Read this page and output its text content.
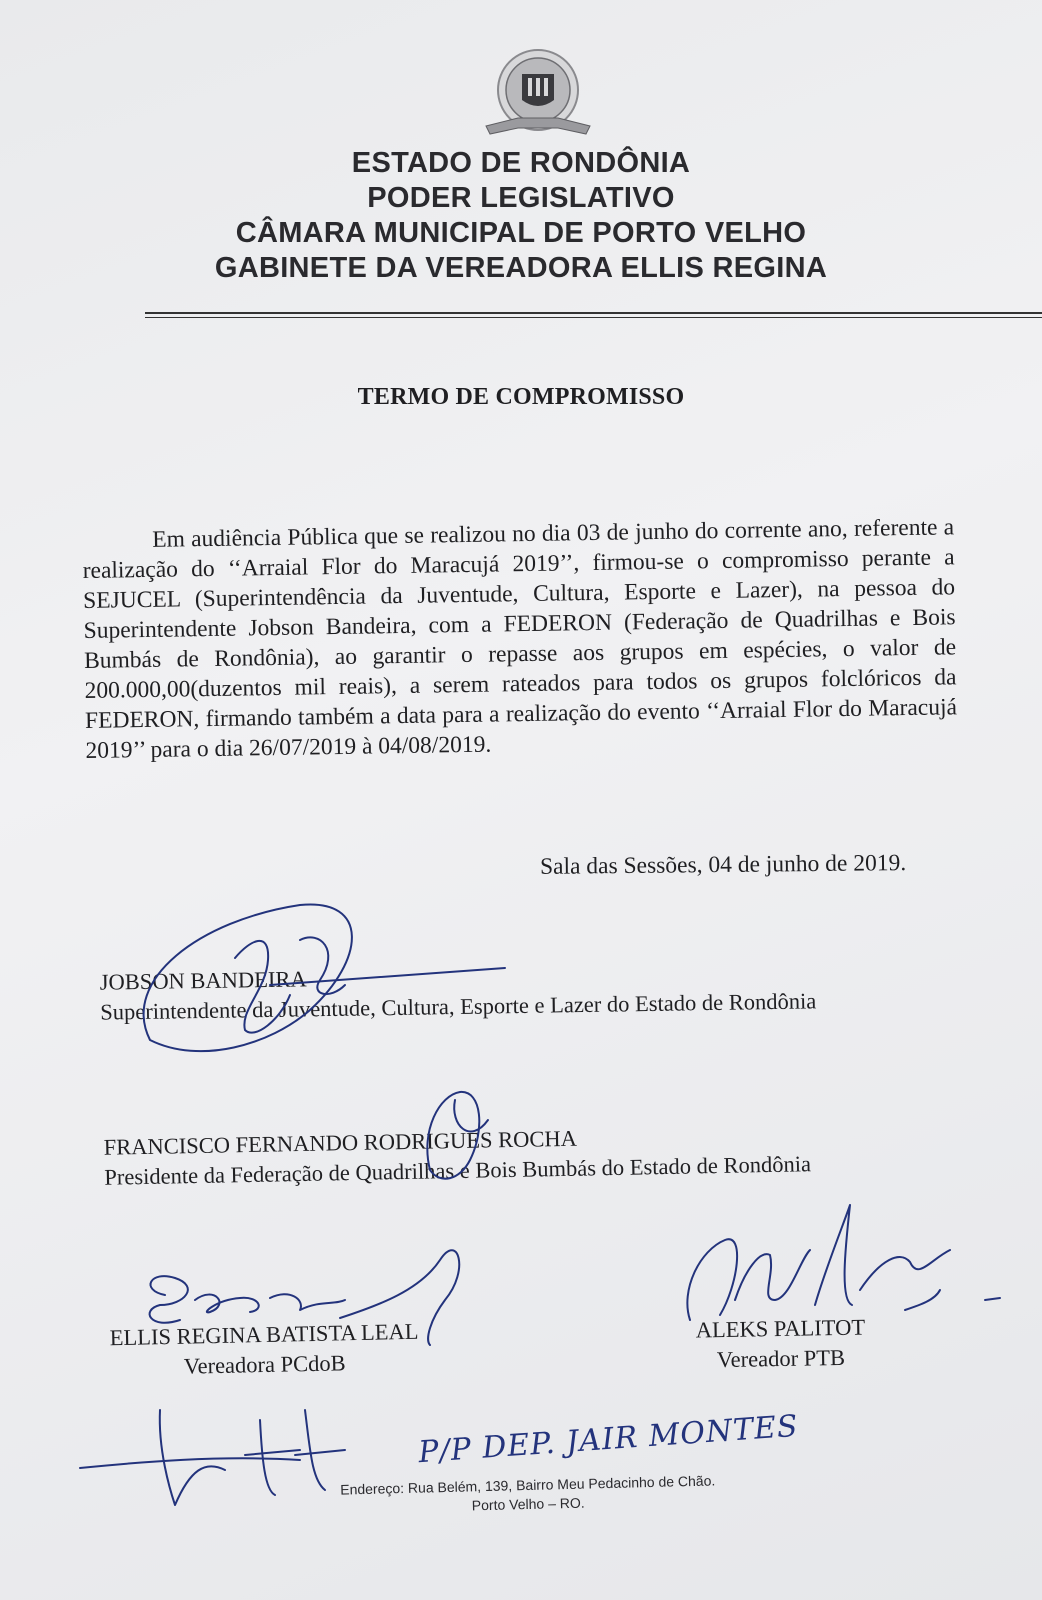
ESTADO DE RONDÔNIA
PODER LEGISLATIVO
CÂMARA MUNICIPAL DE PORTO VELHO
GABINETE DA VEREADORA ELLIS REGINA
TERMO DE COMPROMISSO

Em audiência Pública que se realizou no dia 03 de junho do corrente ano, referente a realização do ‘‘Arraial Flor do Maracujá 2019’’, firmou-se o compromisso perante a SEJUCEL (Superintendência da Juventude, Cultura, Esporte e Lazer), na pessoa do Superintendente Jobson Bandeira, com a FEDERON (Federação de Quadrilhas e Bois Bumbás de Rondônia), ao garantir o repasse aos grupos em espécies, o valor de 200.000,00(duzentos mil reais), a serem rateados para todos os grupos folclóricos da FEDERON, firmando também a data para a realização do evento ‘‘Arraial Flor do Maracujá 2019’’ para o dia 26/07/2019 à 04/08/2019.

Sala das Sessões, 04 de junho de 2019.
JOBSON BANDEIRA
Superintendente da Juventude, Cultura, Esporte e Lazer do Estado de Rondônia
FRANCISCO FERNANDO RODRIGUES ROCHA
Presidente da Federação de Quadrilhas e Bois Bumbás do Estado de Rondônia
ELLIS REGINA BATISTA LEAL
Vereadora PCdoB
ALEKS PALITOT
Vereador PTB
Endereço: Rua Belém, 139, Bairro Meu Pedacinho de Chão.
Porto Velho – RO.
P/P DEP. JAIR MONTES
